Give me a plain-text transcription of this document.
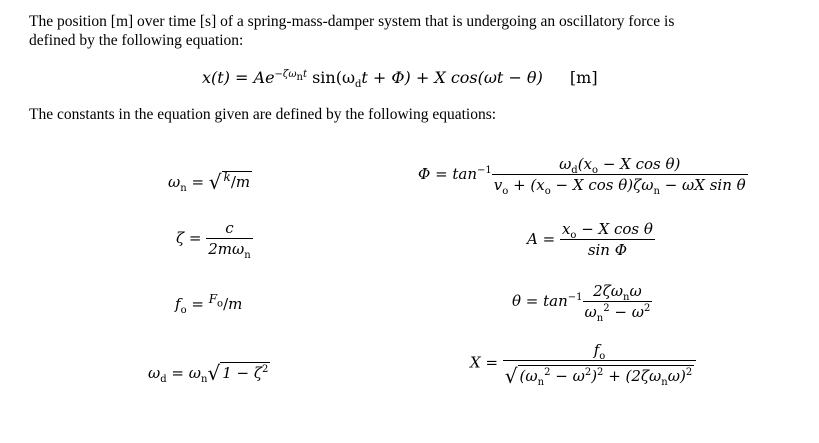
The position [m] over time [s] of a spring-mass-damper system that is undergoing an oscillatory force is
defined by the following equation:
$x(t) = Ae^{-\zeta\omega_nt}$ $\sin(\omega_dt + \Phi) + X$ cos(ωt − θ) [m]
The constants in the equation given are defined by the following equations:
$\omega_n$ = √ $^k$/m
$\zeta = \frac{c}{2m\omega_n}$
$f_o = ^{F_o}/m$
$\omega_d = \omega_n√$ $1 - \zeta^2$
$\Phi = \tan^{-1} \frac{\omega_d(x_o - X \cos \theta)}{v_o + (x_o - X \cos \theta)\zeta\omega_n - \omega X \sin \theta}$
$A = \frac{x_o - X \cos \theta}{\text{sin Φ}}$
$\theta = \tan^{-1} \frac{2\zeta\omega_n\omega}{\omega_n^2 - \omega^2}$
$X = \frac{f_o}{√ (\omega_n^2 - \omega^2)^2 + (2\zeta\omega_n\omega)^2}$
